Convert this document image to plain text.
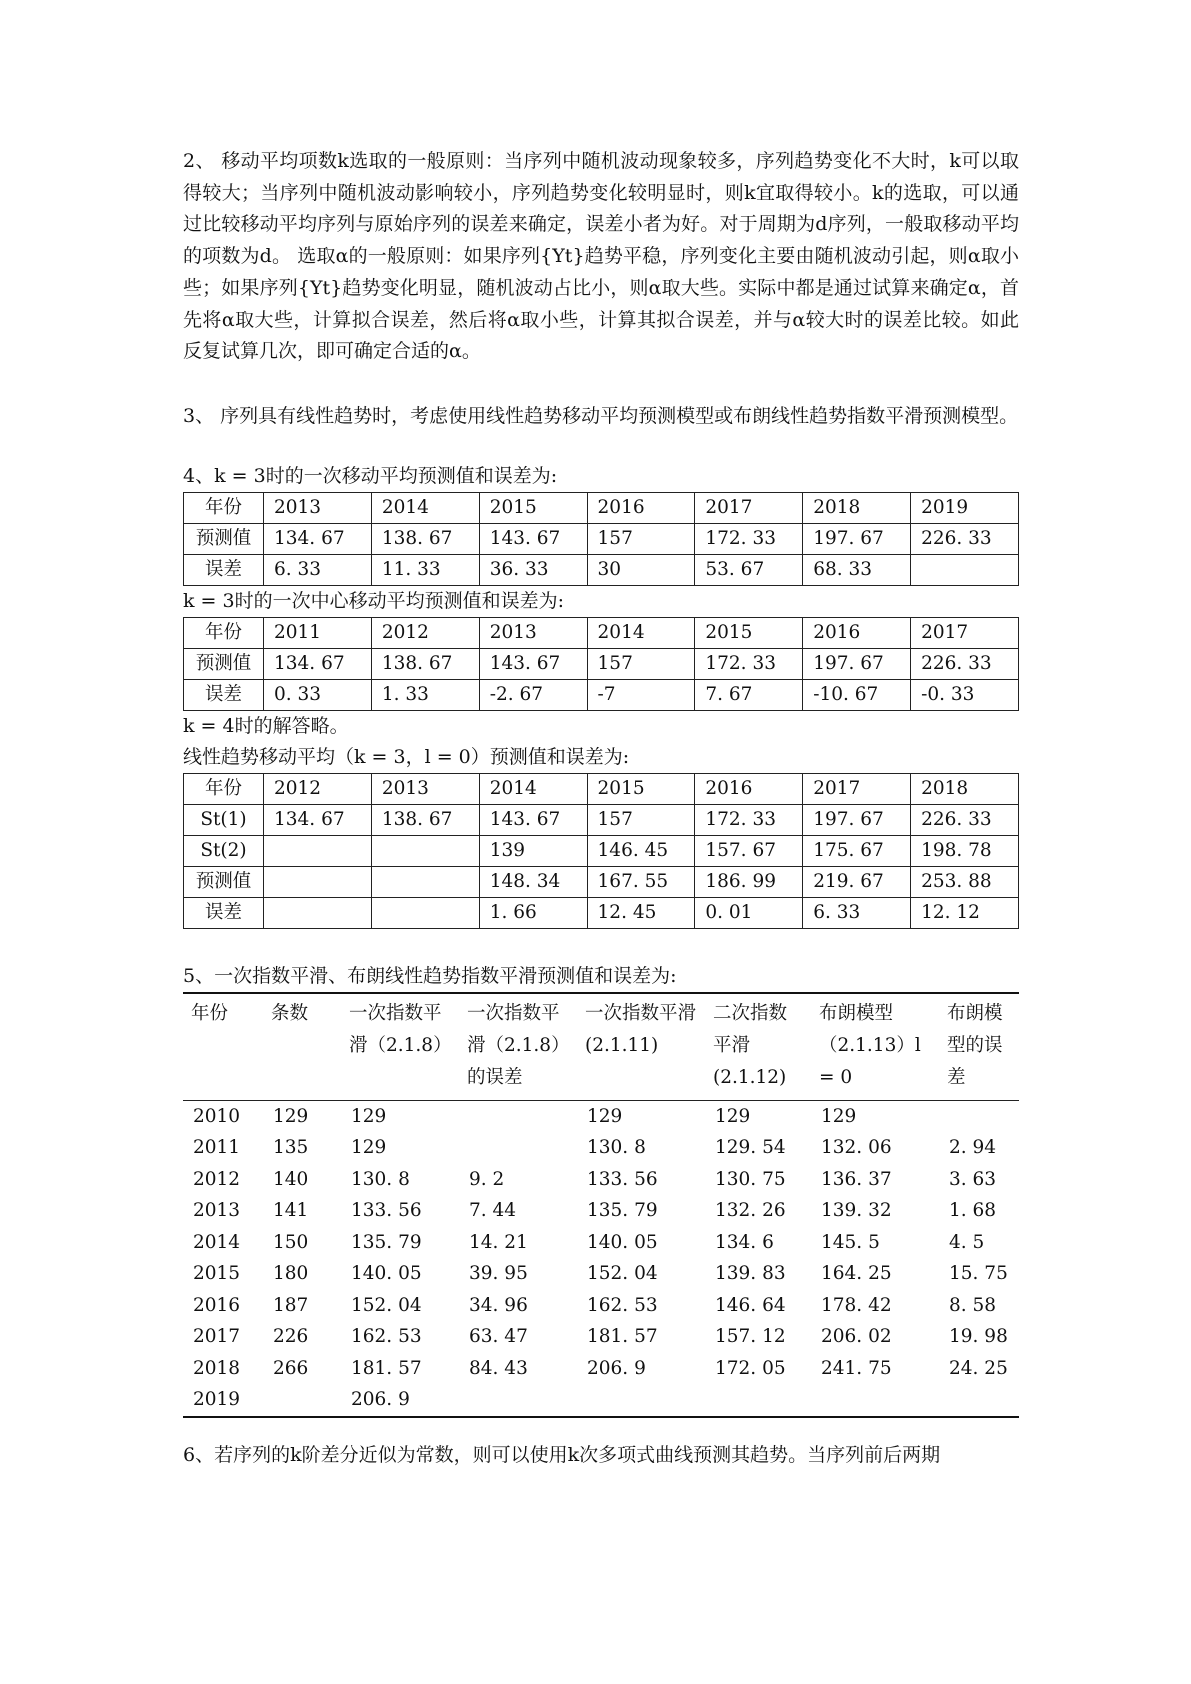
2、 移动平均项数k选取的一般原则：当序列中随机波动现象较多，序列趋势变化不大时，k可以取得较大；当序列中随机波动影响较小，序列趋势变化较明显时，则k宜取得较小。k的选取，可以通过比较移动平均序列与原始序列的误差来确定，误差小者为好。对于周期为d序列，一般取移动平均的项数为d。 选取α的一般原则：如果序列{Yt}趋势平稳，序列变化主要由随机波动引起，则α取小些；如果序列{Yt}趋势变化明显，随机波动占比小，则α取大些。实际中都是通过试算来确定α，首先将α取大些，计算拟合误差，然后将α取小些，计算其拟合误差，并与α较大时的误差比较。如此反复试算几次，即可确定合适的α。

3、 序列具有线性趋势时，考虑使用线性趋势移动平均预测模型或布朗线性趋势指数平滑预测模型。

4、k = 3时的一次移动平均预测值和误差为:
年份	2013	2014	2015	2016	2017	2018	2019
预测值	134. 67	138. 67	143. 67	157	172. 33	197. 67	226. 33
误差	6. 33	11. 33	36. 33	30	53. 67	68. 33	
k = 3时的一次中心移动平均预测值和误差为:
年份	2011	2012	2013	2014	2015	2016	2017
预测值	134. 67	138. 67	143. 67	157	172. 33	197. 67	226. 33
误差	0. 33	1. 33	-2. 67	-7	7. 67	-10. 67	-0. 33
k = 4时的解答略。
线性趋势移动平均（k = 3，l = 0）预测值和误差为:
年份	2012	2013	2014	2015	2016	2017	2018
St(1)	134. 67	138. 67	143. 67	157	172. 33	197. 67	226. 33
St(2)			139	146. 45	157. 67	175. 67	198. 78
预测值			148. 34	167. 55	186. 99	219. 67	253. 88
误差			1. 66	12. 45	0. 01	6. 33	12. 12
5、一次指数平滑、布朗线性趋势指数平滑预测值和误差为:
年份	条数	一次指数平滑（2.1.8）	一次指数平滑（2.1.8）的误差	一次指数平滑(2.1.11)	二次指数平滑(2.1.12)	布朗模型（2.1.13）l = 0	布朗模型的误差
2010	129	129		129	129	129	
2011	135	129		130. 8	129. 54	132. 06	2. 94
2012	140	130. 8	9. 2	133. 56	130. 75	136. 37	3. 63
2013	141	133. 56	7. 44	135. 79	132. 26	139. 32	1. 68
2014	150	135. 79	14. 21	140. 05	134. 6	145. 5	4. 5
2015	180	140. 05	39. 95	152. 04	139. 83	164. 25	15. 75
2016	187	152. 04	34. 96	162. 53	146. 64	178. 42	8. 58
2017	226	162. 53	63. 47	181. 57	157. 12	206. 02	19. 98
2018	266	181. 57	84. 43	206. 9	172. 05	241. 75	24. 25
2019		206. 9					
6、若序列的k阶差分近似为常数，则可以使用k次多项式曲线预测其趋势。当序列前后两期
